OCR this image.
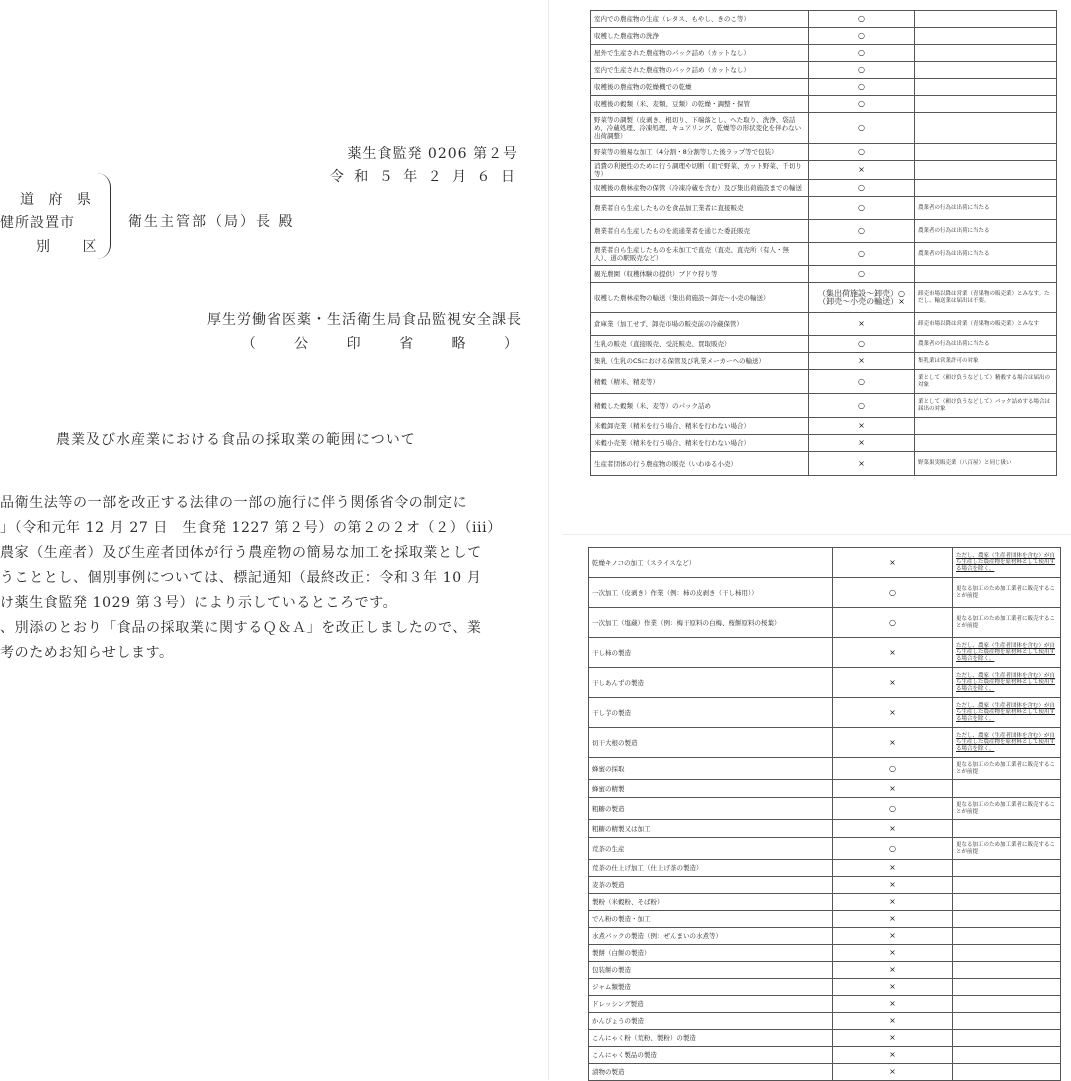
薬生食監発 0206 第２号
令 和 ５ 年 ２ 月 ６ 日
道 府 県
健所設置市
別 区
衛生主管部（局）長 殿
厚生労働省医薬・生活衛生局食品監視安全課長
（ 公 印 省 略 ）
農業及び水産業における食品の採取業の範囲について
品衛生法等の一部を改正する法律の一部の施行に伴う関係省令の制定に
」（令和元年 12 月 27 日　生食発 1227 第２号）の第２の２オ（２）（iii）
農家（生産者）及び生産者団体が行う農産物の簡易な加工を採取業として
うこととし、個別事例については、標記通知（最終改正：令和３年 10 月
け薬生食監発 1029 第３号）により示しているところです。
、別添のとおり「食品の採取業に関するＱ＆Ａ」を改正しましたので、業
考のためお知らせします。
室内での農産物の生産（レタス、もやし、きのこ等）	○	
収穫した農産物の洗浄	○	
屋外で生産された農産物のパック詰め（カットなし）	○	
室内で生産された農産物のパック詰め（カットなし）	○	
収穫後の農産物の乾燥機での乾燥	○	
収穫後の穀類（米、麦類、豆類）の乾燥・調整・保管	○	
野菜等の調製（皮剥き、根切り、下端落とし、へた取り、洗浄、袋詰め、冷蔵処理、冷凍処理、キュアリング、乾燥等の形状変化を伴わない出荷調整）	○	
野菜等の簡易な加工（4分割・8分割等した後ラップ等で包装）	○	
消費の利便性のために行う調理や切断（皿で野菜、カット野菜、千切り等）	×	
収穫後の農林産物の保管（冷凍冷蔵を含む）及び集出荷施設までの輸送	○	
農業者自ら生産したものを食品加工業者に直接販売	○	農業者の行為は出荷に当たる
農業者自ら生産したものを流通業者を通じた委託販売	○	農業者の行為は出荷に当たる
農業者自ら生産したものを未加工で直売（直売、直売所（有人・無人）、道の駅販売など）	○	農業者の行為は出荷に当たる
観光農園（収穫体験の提供）ブドウ狩り等	○	
収穫した農林産物の輸送（集出荷施設～卸売～小売の輸送）	（集出荷施設～卸売）○ （卸売～小売の輸送）×	卸売市場以降は営業（青果物の販売業）とみなす。ただし、輸送業は届出は不要。
倉庫業（加工せず、卸売市場の販売前の冷蔵保管）	×	卸売市場以降は営業（青果物の販売業）とみなす
生乳の販売（直接販売、受託販売、買取販売）	○	農業者の行為は出荷に当たる
集乳（生乳のCSにおける保管及び乳業メーカーへの輸送）	×	集乳業は営業許可の対象
精穀（精米、精麦等）	○	業として（頼け負うなどして）精穀する場合は届出の対象
精穀した穀類（米、麦等）のパック詰め	○	業として（頼け負うなどして）パック詰めする場合は届出の対象
米穀卸売業（精米を行う場合、精米を行わない場合）	×	
米穀小売業（精米を行う場合、精米を行わない場合）	×	
生産者団体の行う農産物の販売（いわゆる小売）	×	野菜果実販売業（八百屋）と同じ扱い
乾燥キノコの加工（スライスなど）	×	ただし、農家（生産者団体を含む）が自ら生産した農産物を原材料として使用する場合を除く。
一次加工（皮剥き）作業（例：柿の皮剥き（干し柿用））	○	更なる加工のため加工業者に販売することが前提
一次加工（塩蔵）作業（例：梅干原料の白梅、桜餅原料の桜葉）	○	更なる加工のため加工業者に販売することが前提
干し柿の製造	×	ただし、農家（生産者団体を含む）が自ら生産した農産物を原材料として使用する場合を除く。
干しあんずの製造	×	ただし、農家（生産者団体を含む）が自ら生産した農産物を原材料として使用する場合を除く。
干し芋の製造	×	ただし、農家（生産者団体を含む）が自ら生産した農産物を原材料として使用する場合を除く。
切干大根の製造	×	ただし、農家（生産者団体を含む）が自ら生産した農産物を原材料として使用する場合を除く。
蜂蜜の採取	○	更なる加工のため加工業者に販売することが前提
蜂蜜の精製	×	
粗糖の製造	○	更なる加工のため加工業者に販売することが前提
粗糖の精製又は加工	×	
荒茶の生産	○	更なる加工のため加工業者に販売することが前提
荒茶の仕上げ加工（仕上げ茶の製造）	×	
麦茶の製造	×	
製粉（米穀粉、そば粉）	×	
でん粉の製造・加工	×	
水煮パックの製造（例：ぜんまいの水煮等）	×	
製餅（白餅の製造）	×	
包装餅の製造	×	
ジャム類製造	×	
ドレッシング製造	×	
かんぴょうの製造	×	
こんにゃく粉（荒粉、製粉）の製造	×	
こんにゃく製品の製造	×	
漬物の製造	×	
